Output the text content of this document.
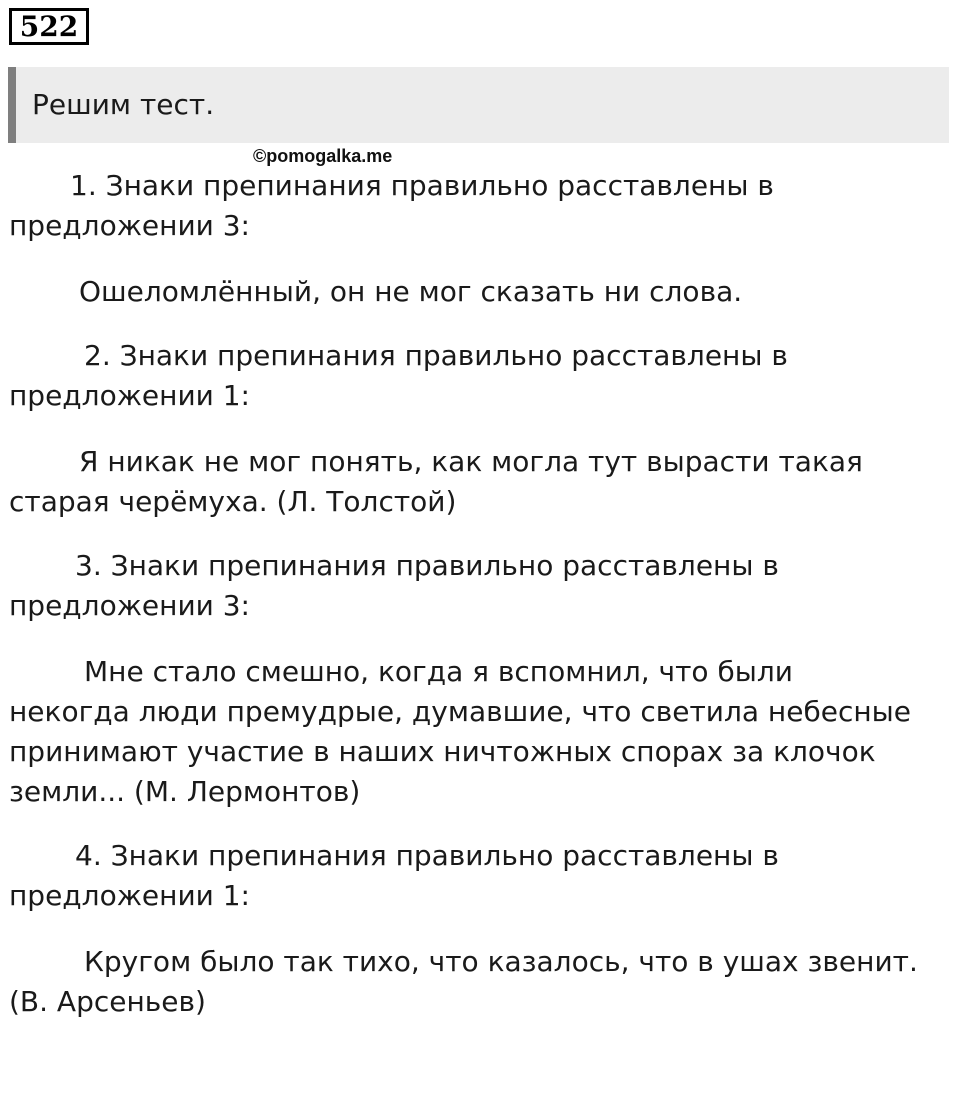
522
Решим тест.
©pomogalka.me

1. Знаки препинания правильно расставлены в

предложении 3:

Ошеломлённый, он не мог сказать ни слова.

2. Знаки препинания правильно расставлены в

предложении 1:

Я никак не мог понять, как могла тут вырасти такая

старая черёмуха. (Л. Толстой)

3. Знаки препинания правильно расставлены в

предложении 3:

Мне стало смешно, когда я вспомнил, что были

некогда люди премудрые, думавшие, что светила небесные

принимают участие в наших ничтожных спорах за клочок

земли... (М. Лермонтов)

4. Знаки препинания правильно расставлены в

предложении 1:

Кругом было так тихо, что казалось, что в ушах звенит.

(В. Арсеньев)
